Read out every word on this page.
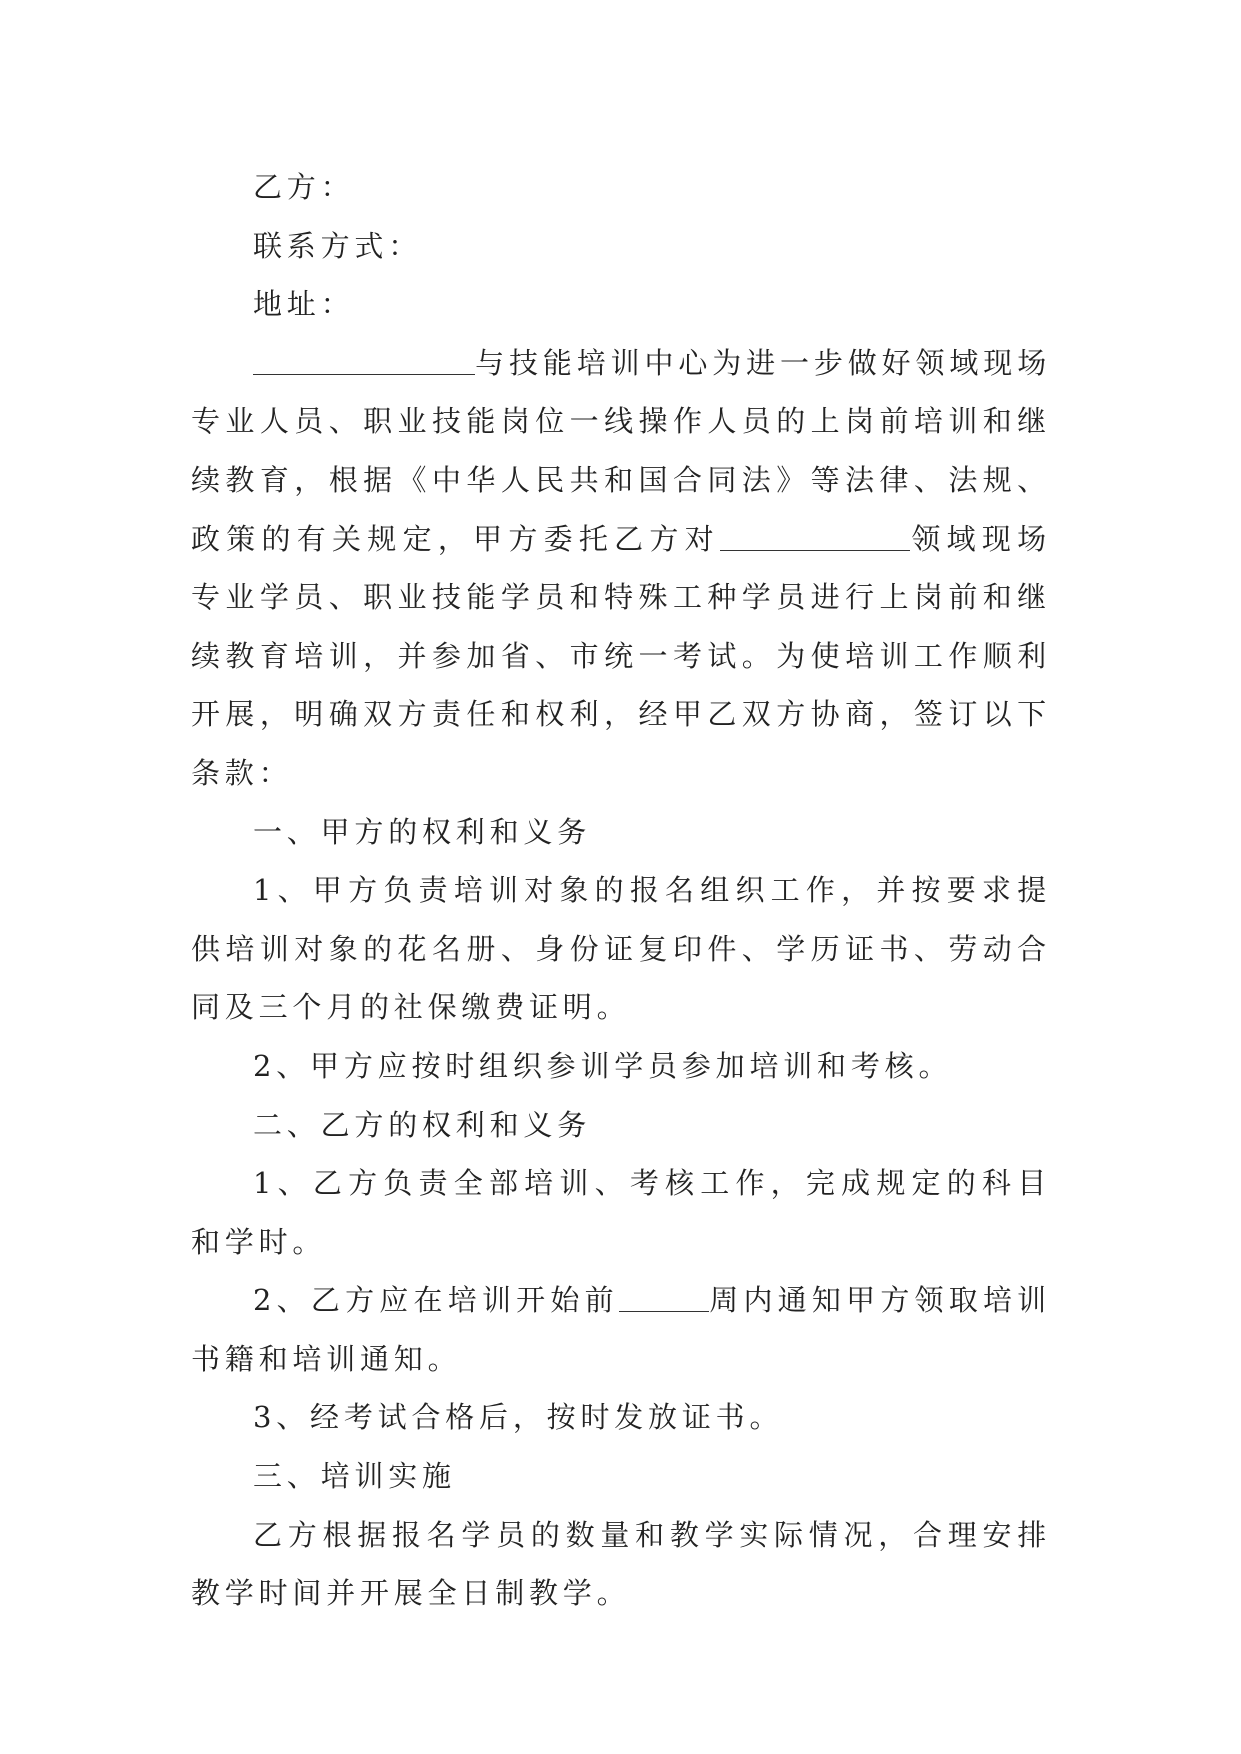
乙方：

联系方式：

地址：

与技能培训中心为进一步做好领域现场专业人员、职业技能岗位一线操作人员的上岗前培训和继续教育，根据《中华人民共和国合同法》等法律、法规、政策的有关规定，甲方委托乙方对	领域现场专业学员、职业技能学员和特殊工种学员进行上岗前和继续教育培训，并参加省、市统一考试。为使培训工作顺利开展，明确双方责任和权利，经甲乙双方协商，签订以下条款：

一、甲方的权利和义务

1、甲方负责培训对象的报名组织工作，并按要求提供培训对象的花名册、身份证复印件、学历证书、劳动合同及三个月的社保缴费证明。

2、甲方应按时组织参训学员参加培训和考核。

二、乙方的权利和义务

1、乙方负责全部培训、考核工作，完成规定的科目和学时。

2、乙方应在培训开始前	周内通知甲方领取培训书籍和培训通知。

3、经考试合格后，按时发放证书。

三、培训实施

乙方根据报名学员的数量和教学实际情况，合理安排教学时间并开展全日制教学。
